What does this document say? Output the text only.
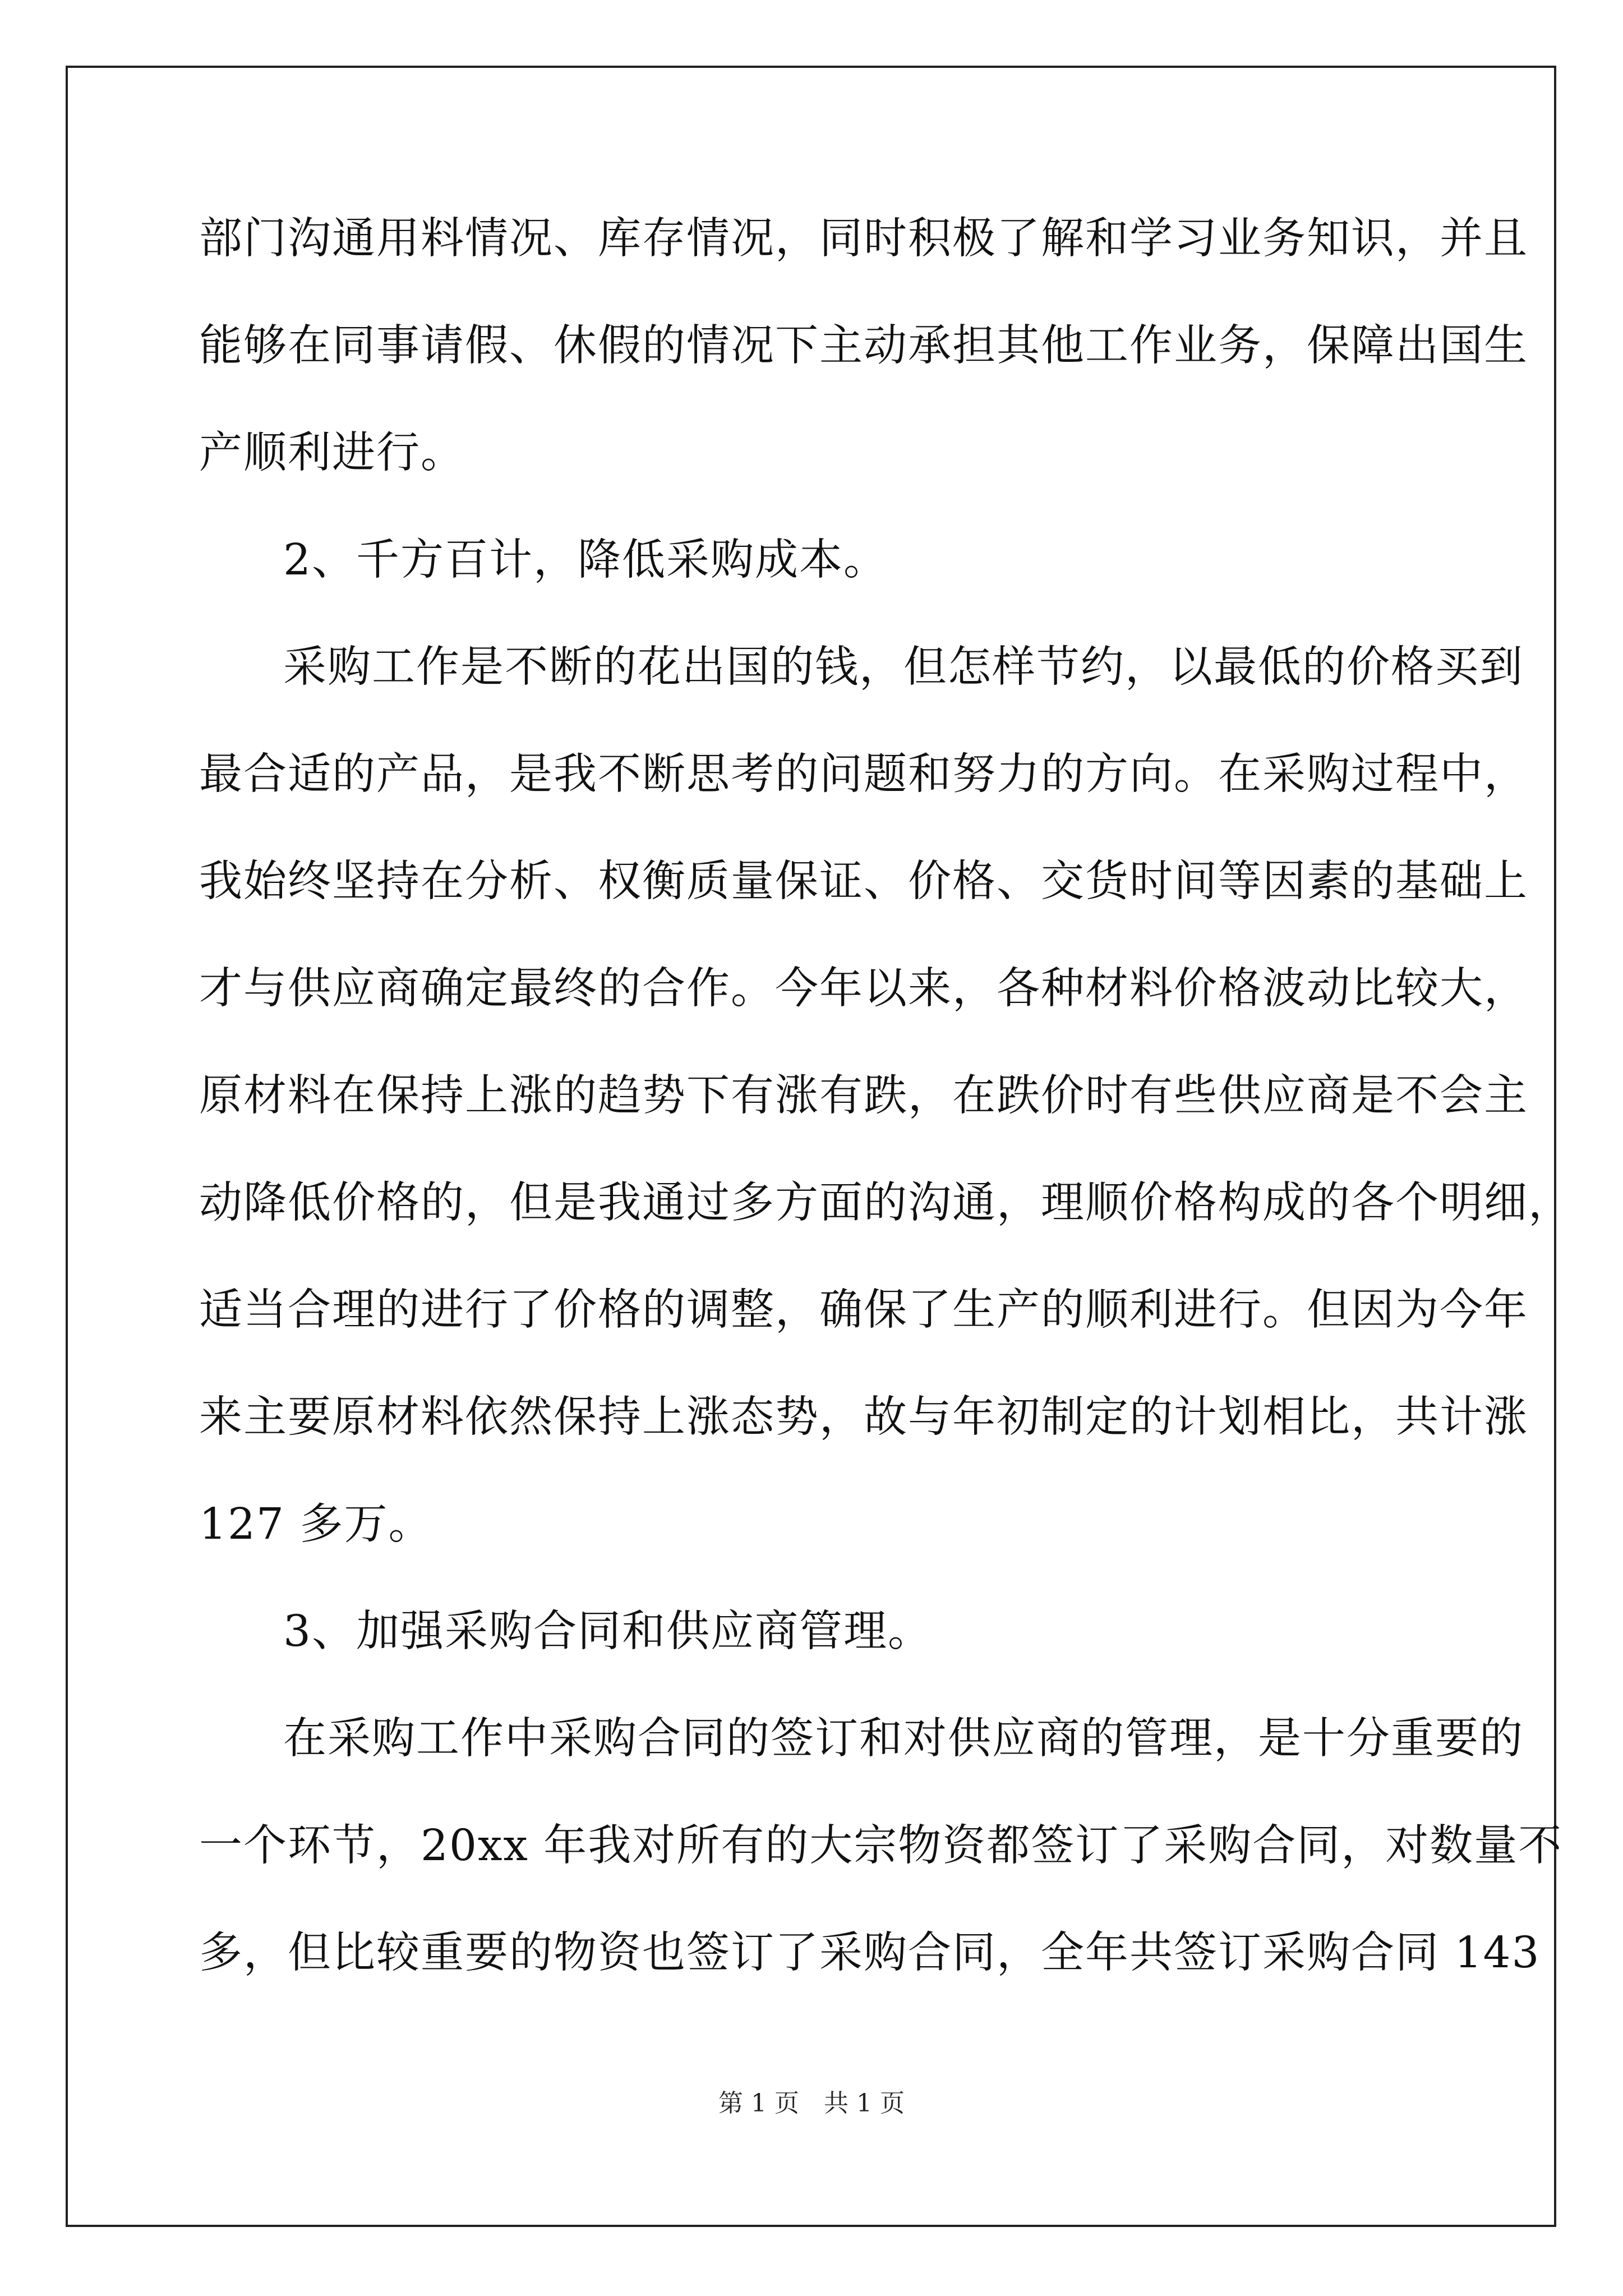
部门沟通用料情况、库存情况，同时积极了解和学习业务知识，并且
能够在同事请假、休假的情况下主动承担其他工作业务，保障出国生
产顺利进行。
2、千方百计，降低采购成本。
采购工作是不断的花出国的钱，但怎样节约，以最低的价格买到
最合适的产品，是我不断思考的问题和努力的方向。在采购过程中，
我始终坚持在分析、权衡质量保证、价格、交货时间等因素的基础上
才与供应商确定最终的合作。今年以来，各种材料价格波动比较大，
原材料在保持上涨的趋势下有涨有跌，在跌价时有些供应商是不会主
动降低价格的，但是我通过多方面的沟通，理顺价格构成的各个明细，
适当合理的进行了价格的调整，确保了生产的顺利进行。但因为今年
来主要原材料依然保持上涨态势，故与年初制定的计划相比，共计涨
127 多万。
3、加强采购合同和供应商管理。
在采购工作中采购合同的签订和对供应商的管理，是十分重要的
一个环节，20xx 年我对所有的大宗物资都签订了采购合同，对数量不
多，但比较重要的物资也签订了采购合同，全年共签订采购合同 143
第 1 页　共 1 页
